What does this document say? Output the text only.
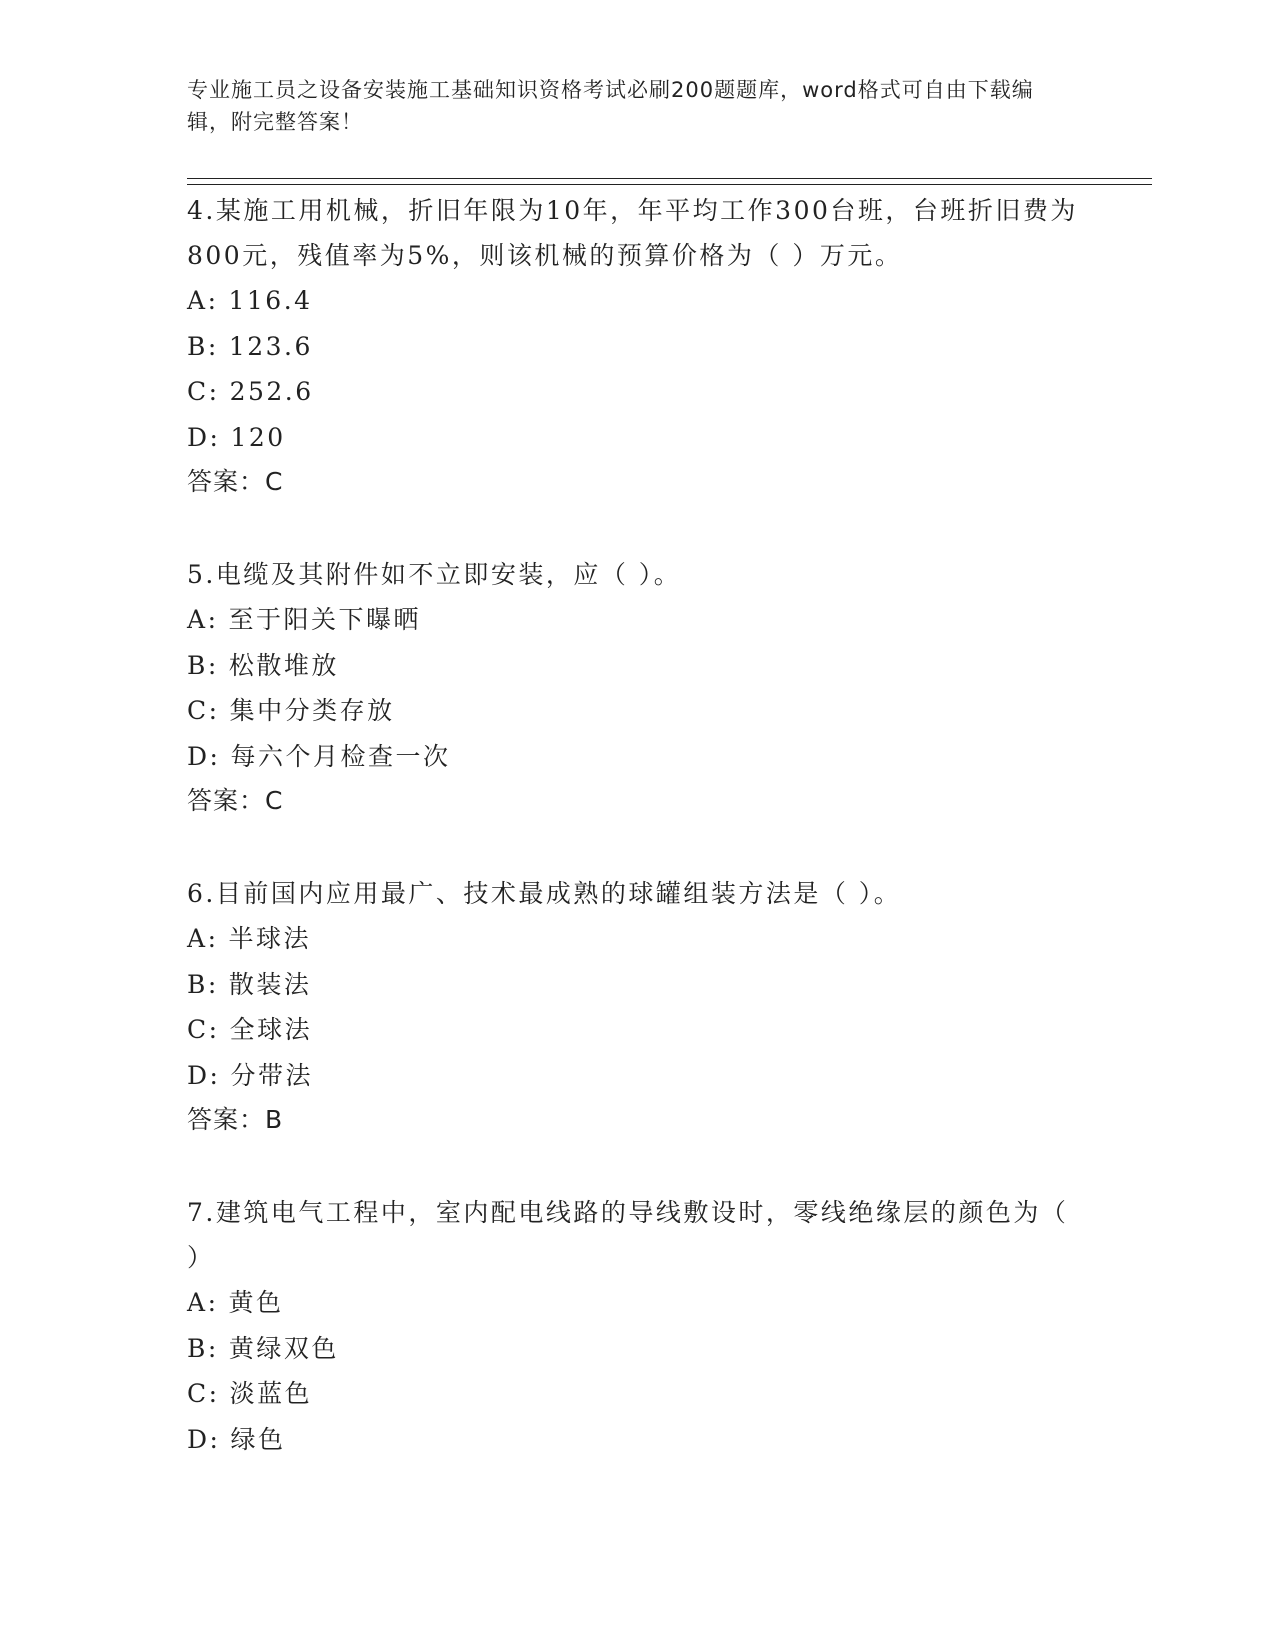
专业施工员之设备安装施工基础知识资格考试必刷200题题库，word格式可自由下载编辑，附完整答案！

4.某施工用机械，折旧年限为10年，年平均工作300台班，台班折旧费为800元，残值率为5%，则该机械的预算价格为（ ）万元。

A: 116.4
B: 123.6
C: 252.6
D: 120

答案：C

5.电缆及其附件如不立即安装，应（ ）。

A: 至于阳关下曝晒
B: 松散堆放
C: 集中分类存放
D: 每六个月检查一次

答案：C

6.目前国内应用最广、技术最成熟的球罐组装方法是（ ）。

A: 半球法
B: 散装法
C: 全球法
D: 分带法

答案：B

7.建筑电气工程中，室内配电线路的导线敷设时，零线绝缘层的颜色为（ ）

A: 黄色
B: 黄绿双色
C: 淡蓝色
D: 绿色
